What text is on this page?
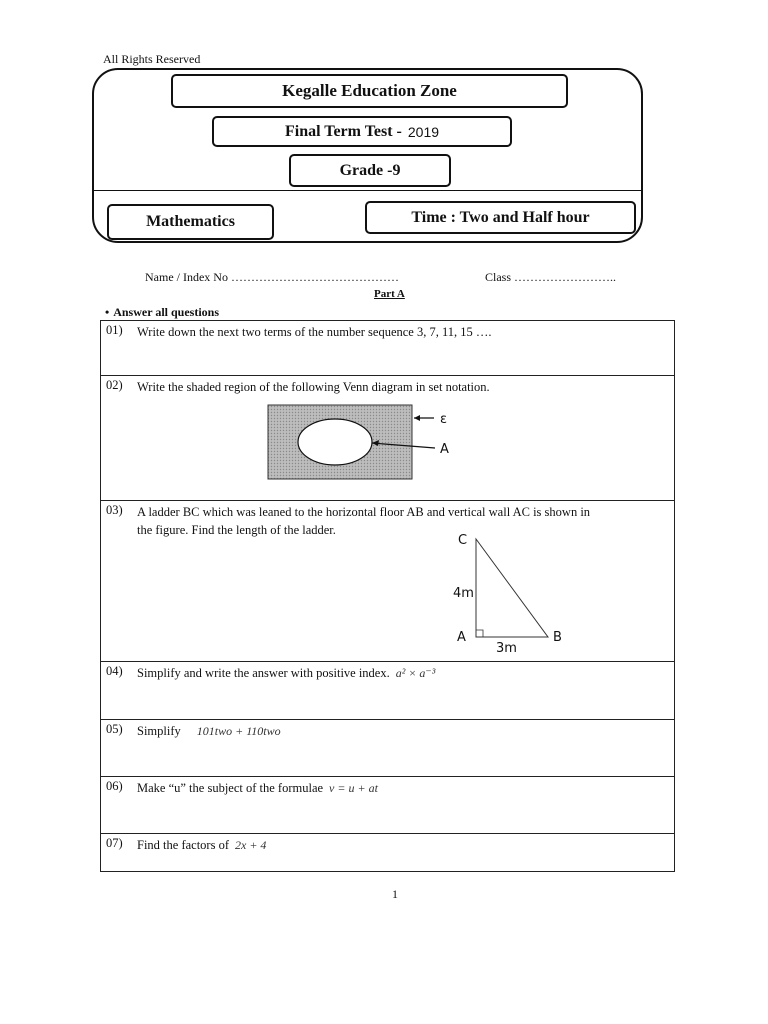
All Rights Reserved
Kegalle Education Zone
Final Term Test - 2019
Grade -9
Mathematics	Time : Two and Half hour
Name / Index No ……………………………………	Class ……………………..
Part A
• Answer all questions
01) Write down the next two terms of the number sequence 3, 7, 11, 15 ….
02) Write the shaded region of the following Venn diagram in set notation.
ε
A
03) A ladder BC which was leaned to the horizontal floor AB and vertical wall AC is shown in
the figure. Find the length of the ladder.
C
4m
A	B
3m
04) Simplify and write the answer with positive index. a² × a⁻³
05) Simplify 101two + 110two
06) Make “u” the subject of the formulae v = u + at
07) Find the factors of 2x + 4
1
